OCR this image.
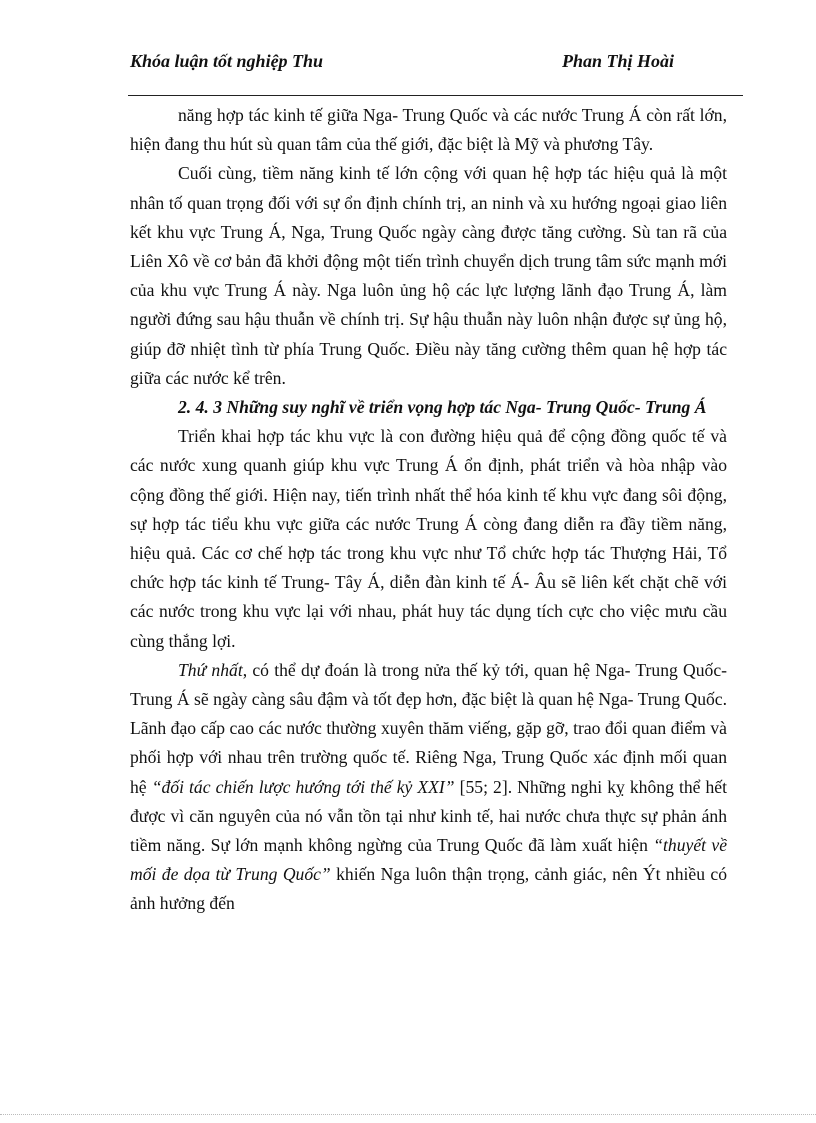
Khóa luận tốt nghiệp Thu	Phan Thị Hoài

năng hợp tác kinh tế giữa Nga- Trung Quốc và các nước Trung Á còn rất lớn, hiện đang thu hút sù quan tâm của thế giới, đặc biệt là Mỹ và phương Tây.

Cuối cùng, tiềm năng kinh tế lớn cộng với quan hệ hợp tác hiệu quả là một nhân tố quan trọng đối với sự ổn định chính trị, an ninh và xu hướng ngoại giao liên kết khu vực Trung Á, Nga, Trung Quốc ngày càng được tăng cường. Sù tan rã của Liên Xô về cơ bản đã khởi động một tiến trình chuyển dịch trung tâm sức mạnh mới của khu vực Trung Á này. Nga luôn ủng hộ các lực lượng lãnh đạo Trung Á, làm người đứng sau hậu thuẫn về chính trị. Sự hậu thuẫn này luôn nhận được sự ủng hộ, giúp đỡ nhiệt tình từ phía Trung Quốc. Điều này tăng cường thêm quan hệ hợp tác giữa các nước kể trên.

2. 4. 3 Những suy nghĩ về triển vọng hợp tác Nga- Trung Quốc- Trung Á

Triển khai hợp tác khu vực là con đường hiệu quả để cộng đồng quốc tế và các nước xung quanh giúp khu vực Trung Á ổn định, phát triển và hòa nhập vào cộng đồng thế giới. Hiện nay, tiến trình nhất thể hóa kinh tế khu vực đang sôi động, sự hợp tác tiểu khu vực giữa các nước Trung Á còng đang diễn ra đầy tiềm năng, hiệu quả. Các cơ chế hợp tác trong khu vực như Tổ chức hợp tác Thượng Hải, Tổ chức hợp tác kinh tế Trung- Tây Á, diễn đàn kinh tế Á- Âu sẽ liên kết chặt chẽ với các nước trong khu vực lại với nhau, phát huy tác dụng tích cực cho việc mưu cầu cùng thắng lợi.

Thứ nhất, có thể dự đoán là trong nửa thế kỷ tới, quan hệ Nga- Trung Quốc- Trung Á sẽ ngày càng sâu đậm và tốt đẹp hơn, đặc biệt là quan hệ Nga- Trung Quốc. Lãnh đạo cấp cao các nước thường xuyên thăm viếng, gặp gỡ, trao đổi quan điểm và phối hợp với nhau trên trường quốc tế. Riêng Nga, Trung Quốc xác định mối quan hệ “đối tác chiến lược hướng tới thế kỷ XXI” [55; 2]. Những nghi kỵ không thể hết được vì căn nguyên của nó vẫn tồn tại như kinh tế, hai nước chưa thực sự phản ánh tiềm năng. Sự lớn mạnh không ngừng của Trung Quốc đã làm xuất hiện “thuyết về mối đe dọa từ Trung Quốc” khiến Nga luôn thận trọng, cảnh giác, nên Ýt nhiều có ảnh hưởng đến
